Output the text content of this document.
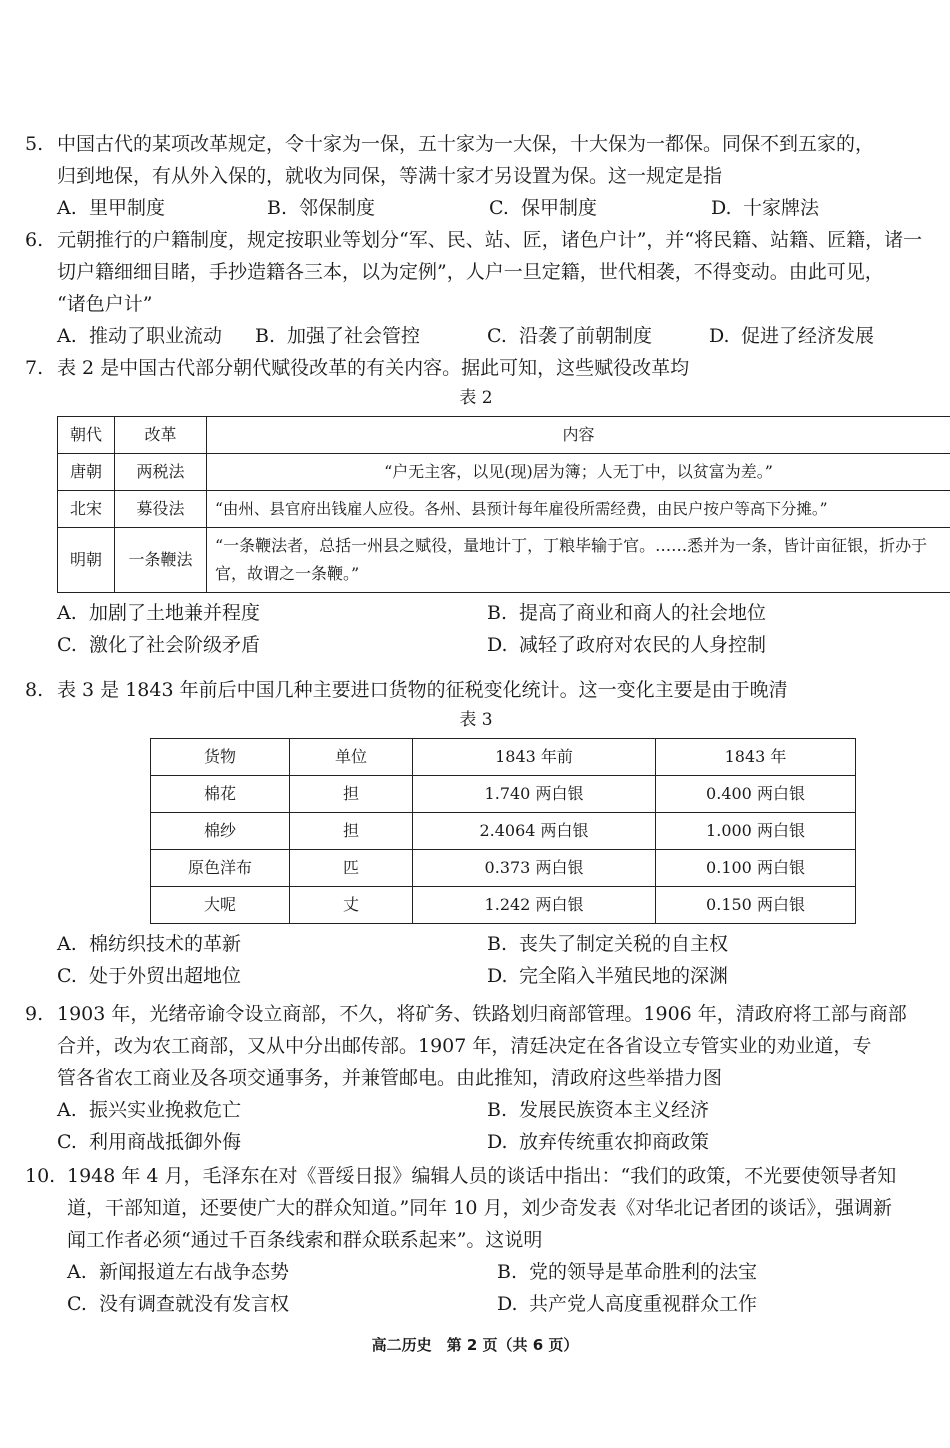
5. 中国古代的某项改革规定，令十家为一保，五十家为一大保，十大保为一都保。同保不到五家的，

归到地保，有从外入保的，就收为同保，等满十家才另设置为保。这一规定是指

A. 里甲制度	B. 邻保制度	C. 保甲制度	D. 十家牌法

6. 元朝推行的户籍制度，规定按职业等划分“军、民、站、匠，诸色户计”，并“将民籍、站籍、匠籍，诸一

切户籍细细目睹，手抄造籍各三本，以为定例”，人户一旦定籍，世代相袭，不得变动。由此可见，

“诸色户计”

A. 推动了职业流动	B. 加强了社会管控	C. 沿袭了前朝制度	D. 促进了经济发展

7. 表 2 是中国古代部分朝代赋役改革的有关内容。据此可知，这些赋役改革均

表 2
朝代	改革	内容
唐朝	两税法	“户无主客，以见(现)居为簿；人无丁中，以贫富为差。”
北宋	募役法	“由州、县官府出钱雇人应役。各州、县预计每年雇役所需经费，由民户按户等高下分摊。”
明朝	一条鞭法	“一条鞭法者，总括一州县之赋役，量地计丁，丁粮毕输于官。……悉并为一条，皆计亩征银，折办于官，故谓之一条鞭。”
A. 加剧了土地兼并程度	B. 提高了商业和商人的社会地位
C. 激化了社会阶级矛盾	D. 减轻了政府对农民的人身控制

8. 表 3 是 1843 年前后中国几种主要进口货物的征税变化统计。这一变化主要是由于晚清

表 3
货物	单位	1843 年前	1843 年
棉花	担	1.740 两白银	0.400 两白银
棉纱	担	2.4064 两白银	1.000 两白银
原色洋布	匹	0.373 两白银	0.100 两白银
大呢	丈	1.242 两白银	0.150 两白银
A. 棉纺织技术的革新	B. 丧失了制定关税的自主权
C. 处于外贸出超地位	D. 完全陷入半殖民地的深渊

9. 1903 年，光绪帝谕令设立商部，不久，将矿务、铁路划归商部管理。1906 年，清政府将工部与商部

合并，改为农工商部，又从中分出邮传部。1907 年，清廷决定在各省设立专管实业的劝业道，专

管各省农工商业及各项交通事务，并兼管邮电。由此推知，清政府这些举措力图

A. 振兴实业挽救危亡	B. 发展民族资本主义经济
C. 利用商战抵御外侮	D. 放弃传统重农抑商政策

10. 1948 年 4 月，毛泽东在对《晋绥日报》编辑人员的谈话中指出：“我们的政策，不光要使领导者知

道，干部知道，还要使广大的群众知道。”同年 10 月，刘少奇发表《对华北记者团的谈话》，强调新

闻工作者必须“通过千百条线索和群众联系起来”。这说明

A. 新闻报道左右战争态势	B. 党的领导是革命胜利的法宝
C. 没有调查就没有发言权	D. 共产党人高度重视群众工作
高二历史　第 2 页（共 6 页）
